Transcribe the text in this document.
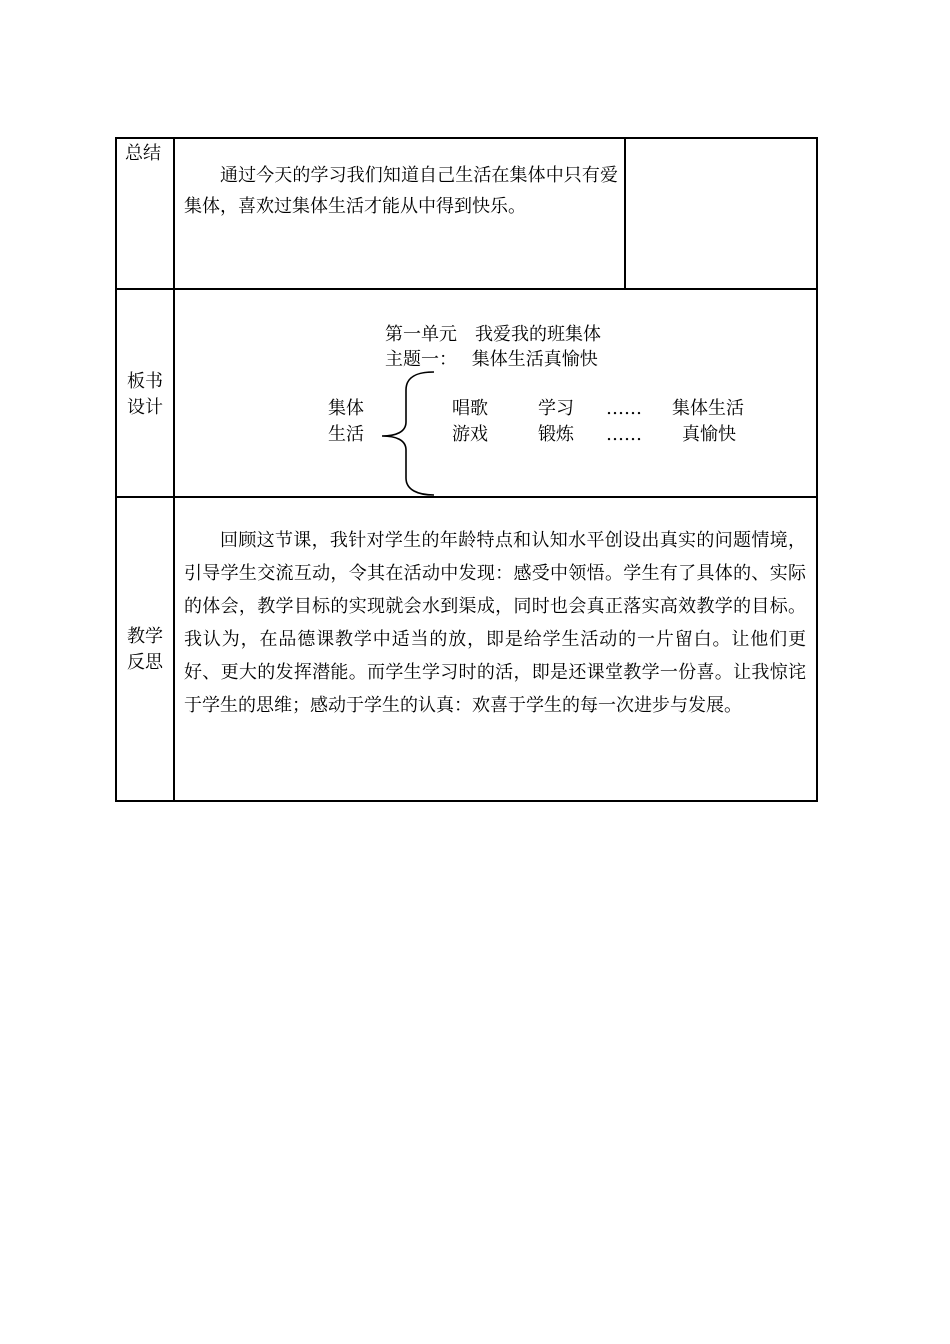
总结
通过今天的学习我们知道自己生活在集体中只有爱集体，喜欢过集体生活才能从中得到快乐。
板书
设计
第一单元　我爱我的班集体
主题一：　 集体生活真愉快
集体
生活
唱歌	学习 …… 集体生活
游戏	锻炼 …… 真愉快
教学
反思
回顾这节课，我针对学生的年龄特点和认知水平创设出真实的问题情境，引导学生交流互动，令其在活动中发现：感受中领悟。学生有了具体的、实际的体会，教学目标的实现就会水到渠成，同时也会真正落实高效教学的目标。我认为，在品德课教学中适当的放，即是给学生活动的一片留白。让他们更好、更大的发挥潜能。而学生学习时的活，即是还课堂教学一份喜。让我惊诧于学生的思维；感动于学生的认真：欢喜于学生的每一次进步与发展。
